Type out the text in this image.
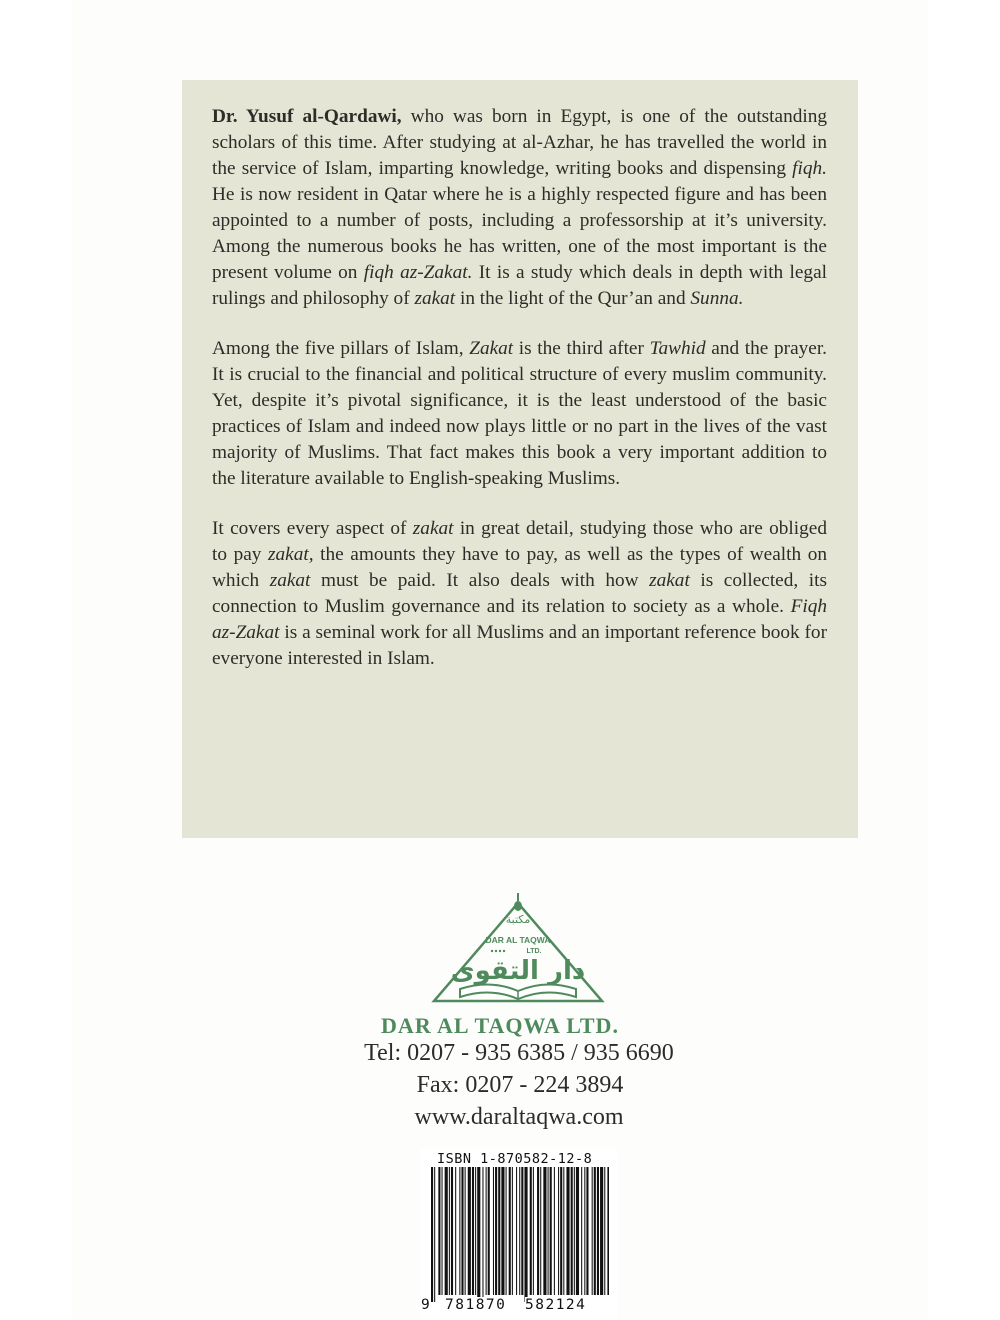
Dr. Yusuf al-Qardawi, who was born in Egypt, is one of the outstanding scholars of this time. After studying at al-Azhar, he has travelled the world in the service of Islam, imparting knowledge, writing books and dispensing fiqh. He is now resident in Qatar where he is a highly respected figure and has been appointed to a number of posts, including a professorship at it’s university. Among the numerous books he has written, one of the most important is the present volume on fiqh az-Zakat. It is a study which deals in depth with legal rulings and philosophy of zakat in the light of the Qur’an and Sunna.

Among the five pillars of Islam, Zakat is the third after Tawhid and the prayer. It is crucial to the financial and political structure of every muslim community. Yet, despite it’s pivotal significance, it is the least understood of the basic practices of Islam and indeed now plays little or no part in the lives of the vast majority of Muslims. That fact makes this book a very important addition to the literature available to English-speaking Muslims.

It covers every aspect of zakat in great detail, studying those who are obliged to pay zakat, the amounts they have to pay, as well as the types of wealth on which zakat must be paid. It also deals with how zakat is collected, its connection to Muslim governance and its relation to society as a whole. Fiqh az-Zakat is a seminal work for all Muslims and an important reference book for everyone interested in Islam.

مكتبة
DAR AL TAQWA
LTD.
دار التقوى
DAR AL TAQWA LTD.
Tel: 0207 - 935 6385 / 935 6690
Fax: 0207 - 224 3894
www.daraltaqwa.com
ISBN 1-870582-12-8
9 781870 582124
